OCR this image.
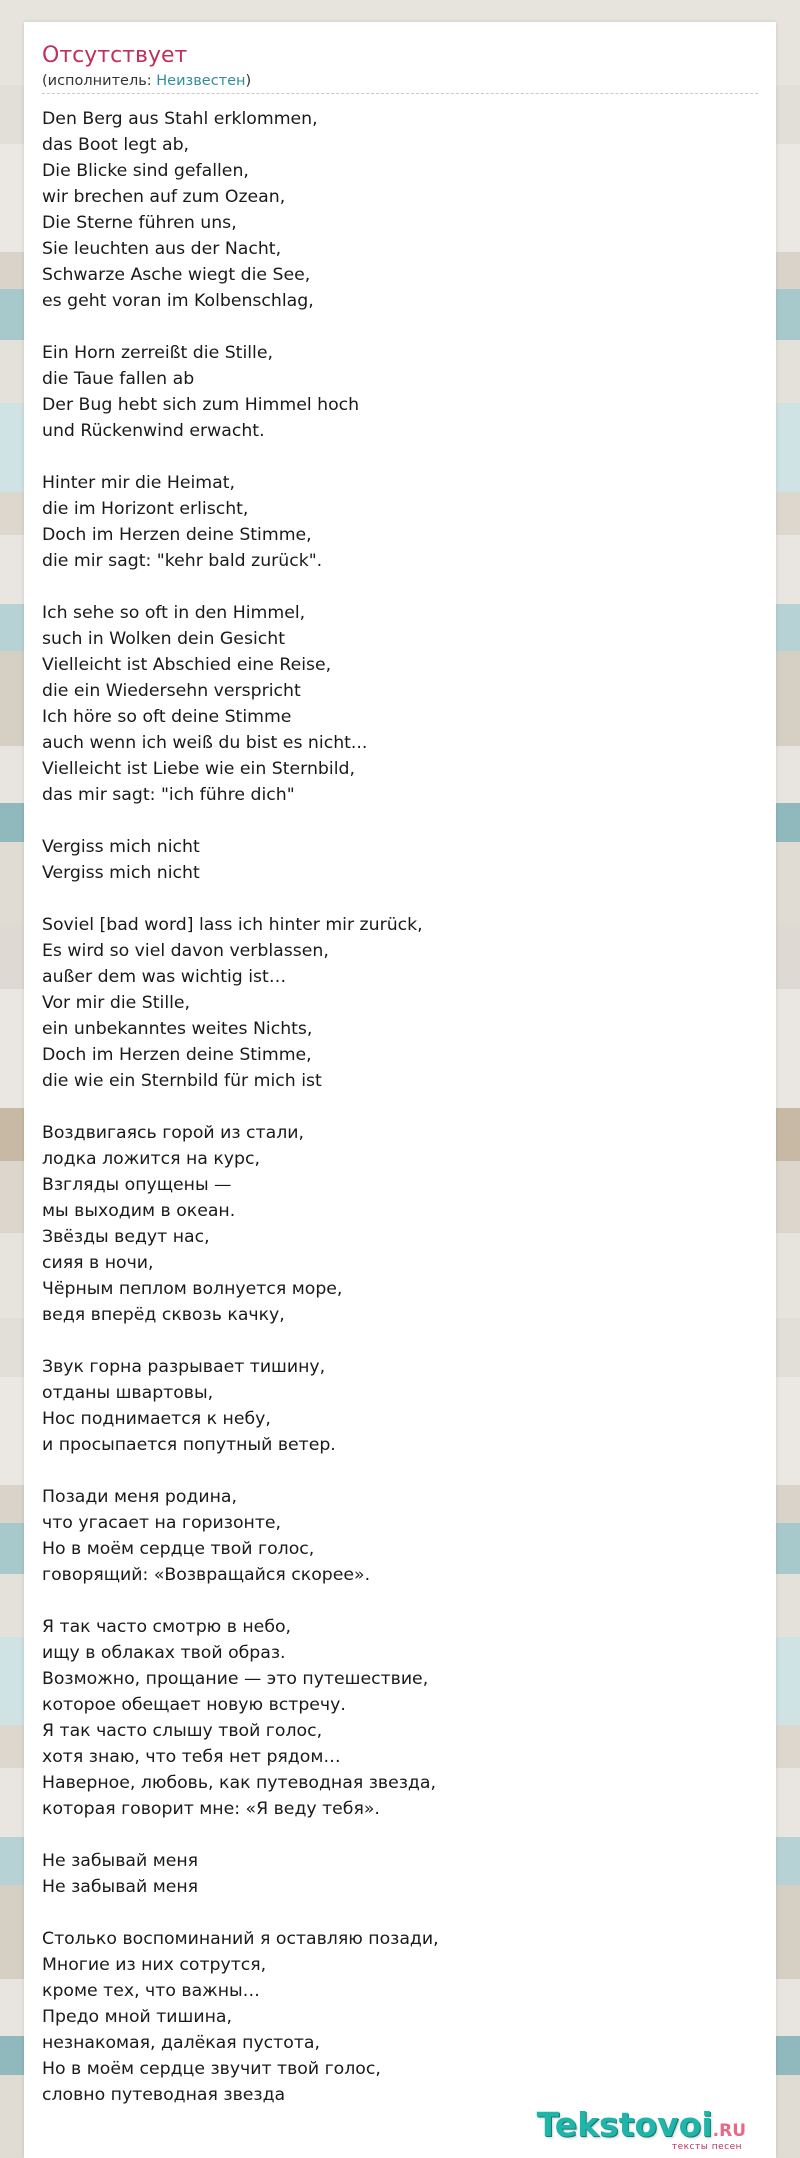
Отсутствует
(исполнитель: Неизвестен)
Den Berg aus Stahl erklommen,
das Boot legt ab,
Die Blicke sind gefallen,
wir brechen auf zum Ozean,
Die Sterne führen uns,
Sie leuchten aus der Nacht,
Schwarze Asche wiegt die See,
es geht voran im Kolbenschlag,
Ein Horn zerreißt die Stille,
die Taue fallen ab
Der Bug hebt sich zum Himmel hoch
und Rückenwind erwacht.
Hinter mir die Heimat,
die im Horizont erlischt,
Doch im Herzen deine Stimme,
die mir sagt: "kehr bald zurück".
Ich sehe so oft in den Himmel,
such in Wolken dein Gesicht
Vielleicht ist Abschied eine Reise,
die ein Wiedersehn verspricht
Ich höre so oft deine Stimme
auch wenn ich weiß du bist es nicht...
Vielleicht ist Liebe wie ein Sternbild,
das mir sagt: "ich führe dich"
Vergiss mich nicht
Vergiss mich nicht
Soviel [bad word] lass ich hinter mir zurück,
Es wird so viel davon verblassen,
außer dem was wichtig ist…
Vor mir die Stille,
ein unbekanntes weites Nichts,
Doch im Herzen deine Stimme,
die wie ein Sternbild für mich ist
Воздвигаясь горой из стали,
лодка ложится на курс,
Взгляды опущены —
мы выходим в океан.
Звёзды ведут нас,
сияя в ночи,
Чёрным пеплом волнуется море,
ведя вперёд сквозь качку,
Звук горна разрывает тишину,
отданы швартовы,
Нос поднимается к небу,
и просыпается попутный ветер.
Позади меня родина,
что угасает на горизонте,
Но в моём сердце твой голос,
говорящий: «Возвращайся скорее».
Я так часто смотрю в небо,
ищу в облаках твой образ.
Возможно, прощание — это путешествие,
которое обещает новую встречу.
Я так часто слышу твой голос,
хотя знаю, что тебя нет рядом…
Наверное, любовь, как путеводная звезда,
которая говорит мне: «Я веду тебя».
Не забывай меня
Не забывай меня
Столько воспоминаний я оставляю позади,
Многие из них сотрутся,
кроме тех, что важны…
Предо мной тишина,
незнакомая, далёкая пустота,
Но в моём сердце звучит твой голос,
словно путеводная звезда
Tekstovoi.RU
тексты песен
